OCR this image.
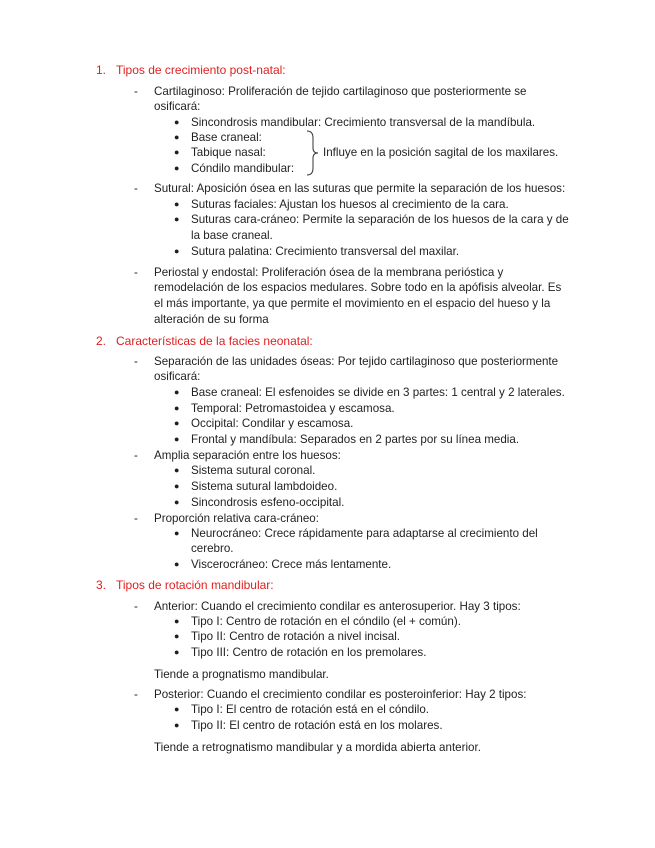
1. Tipos de crecimiento post-natal:
- Cartilaginoso: Proliferación de tejido cartilaginoso que posteriormente se
osificará:
● Sincondrosis mandibular: Crecimiento transversal de la mandíbula.
● Base craneal:
● Tabique nasal:
● Cóndilo mandibular:
Influye en la posición sagital de los maxilares.
- Sutural: Aposición ósea en las suturas que permite la separación de los huesos:
● Suturas faciales: Ajustan los huesos al crecimiento de la cara.
● Suturas cara-cráneo: Permite la separación de los huesos de la cara y de
la base craneal.
● Sutura palatina: Crecimiento transversal del maxilar.
- Periostal y endostal: Proliferación ósea de la membrana perióstica y
remodelación de los espacios medulares. Sobre todo en la apófisis alveolar. Es
el más importante, ya que permite el movimiento en el espacio del hueso y la
alteración de su forma
2. Características de la facies neonatal:
- Separación de las unidades óseas: Por tejido cartilaginoso que posteriormente
osificará:
● Base craneal: El esfenoides se divide en 3 partes: 1 central y 2 laterales.
● Temporal: Petromastoidea y escamosa.
● Occipital: Condilar y escamosa.
● Frontal y mandíbula: Separados en 2 partes por su línea media.
- Amplia separación entre los huesos:
● Sistema sutural coronal.
● Sistema sutural lambdoideo.
● Sincondrosis esfeno-occipital.
- Proporción relativa cara-cráneo:
● Neurocráneo: Crece rápidamente para adaptarse al crecimiento del
cerebro.
● Viscerocráneo: Crece más lentamente.
3. Tipos de rotación mandibular:
- Anterior: Cuando el crecimiento condilar es anterosuperior. Hay 3 tipos:
● Tipo I: Centro de rotación en el cóndilo (el + común).
● Tipo II: Centro de rotación a nivel incisal.
● Tipo III: Centro de rotación en los premolares.
Tiende a prognatismo mandibular.
- Posterior: Cuando el crecimiento condilar es posteroinferior: Hay 2 tipos:
● Tipo I: El centro de rotación está en el cóndilo.
● Tipo II: El centro de rotación está en los molares.
Tiende a retrognatismo mandibular y a mordida abierta anterior.
